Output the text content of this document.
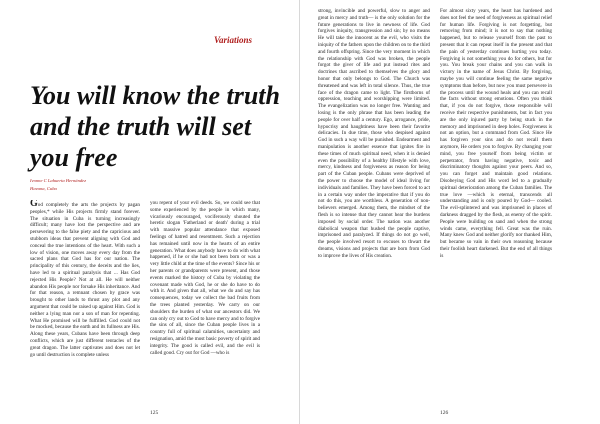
Variations
You will know the truth and the truth will set you free
Ivonne C Lahuerta Hernández
Havana, Cuba

God completely the arts the projects by pagan peoples,* while His projects firmly stand forever. The situation in Cuba is turning increasingly difficult; many have lost the perspective and are persevering to the false piety and the capricious and stubborn ideas that prevent aligning with God and conceal the true intentions of the heart. With such a low of vision, one moves away every day from the sacred plans that God has for our nation. The principality of this century, the deceits and the lies, have led to a spiritual paralysis that ... Has God rejected His People? Not at all. He will neither abandon His people nor forsake His inheritance. And for that reason, a remnant chosen by grace was brought to other lands to thrust any plot and any argument that could be raised up against Him. God is neither a lying man nor a son of man for repenting. What He promised will be fulfilled. God could not be mocked, because the earth and its fullness are His. Along these years, Cubans have been through deep conflicts, which are just different tentacles of the great dragon. The latter captivates and does not let go until destruction is complete unless

you repent of your evil deeds. So, we could see that some experienced by the people in which many, vicariously encouraged, vociferously shouted the heretic slogan 'Fatherland or death' during a trial with massive popular attendance that exposed feelings of hatred and resentment. Such a rejection has remained until now in the hearts of an entire generation. What does anybody have to do with what happened, if he or she had not been born or was a very little child at the time of the events? Since his or her parents or grandparents were present, and those events marked the history of Cuba by violating the covenant made with God, he or she do have to do with it. And given that all, what we do and say has consequences, today we collect the bad fruits from the trees planted yesterday. We carry on our shoulders the burden of what our ancestors did. We can only cry out to God to have mercy and to forgive the sins of all, since the Cuban people lives in a country full of spiritual calamities, uncertainty and resignation, amid the most basic poverty of spirit and integrity. The good is called evil, and the evil is called good. Cry out for God —who is

125

strong, invincible and powerful, slow to anger and great in mercy and truth— is the only solution for the future generations to live in newness of life. God forgives iniquity, transgression and sin; by no means He will take the innocent as the evil, who visits the iniquity of the fathers upon the children on to the third and fourth offspring. Since the very moment in which the relationship with God was broken, the people forgot the giver of life and put instead rites and doctrines that ascribed to themselves the glory and honor that only belongs to God. The Church was threatened and was left in total silence. Thus, the true face of the dragon came to light. The firstborns of oppression, teaching and worshipping were limited. The evangelization was no longer free. Wanting and losing is the only phrase that has been leading the people for over half a century. Ego, arrogance, pride, hypocrisy and haughtiness have been their favorite delicacies. In due time, those who despised against God in such a way will be punished. Endearment and manipulation is another essence that ignites fire in these times of much spiritual need, when it is denied even the possibility of a healthy lifestyle with love, mercy, kindness and forgiveness as reason for being part of the Cuban people. Cubans were deprived of the power to choose the model of ideal living for individuals and families. They have been forced to act in a certain way under the imperative that if you do not do this, you are worthless. A generation of non-believers emerged. Among them, the mindset of the flesh is so intense that they cannot hear the burdens imposed by social order. The nation was another diabolical weapon that hushed the people captive, imprisoned and paralyzed. If things do not go well, the people involved resort to excuses to thwart the dreams, visions and projects that are born from God to improve the lives of His creation.

For almost sixty years, the heart has hardened and does not feel the need of forgiveness as spiritual relief for human life. Forgiving is not forgetting, but removing from mind; it is not to say that nothing happened, but to release yourself from the past to present that it can repeat itself in the present and that the pain of yesterday continues hurting you today. Forgiving is not something you do for others, but for you. You break your chains and you can walk in victory in the name of Jesus Christ. By forgiving, maybe you will continue feeling the same negative symptoms than before, but now you must persevere in the process until the wound heals and you can recall the facts without strong emotions. Often you think that, if you do not forgive, those responsible will receive their respective punishments, but in fact you are the only injured party by being stuck in the memory and imprisoned in deep holes. Forgiveness is not an option, but a command from God. Since He has forgiven your sins and do not recall them anymore, He orders you to forgive. By changing your mind, you free yourself from being victim or perpetrator, from having negative, toxic and discriminatory thoughts against your peers. And so, you can forget and maintain good relations. Disobeying God and His word led to a gradually spiritual deterioration among the Cuban families. The true love —which is eternal, transcends all understanding and is only poured by God— cooled. The evil-splintered and was imprisoned in places of darkness dragged by the flesh, as enemy of the spirit. People were building on sand and when the strong winds came, everything fell. Great was the ruin. Many knew God and neither glorify nor thanked Him, but became so vain in their own reasoning because their foolish heart darkened. But the end of all things is

126
